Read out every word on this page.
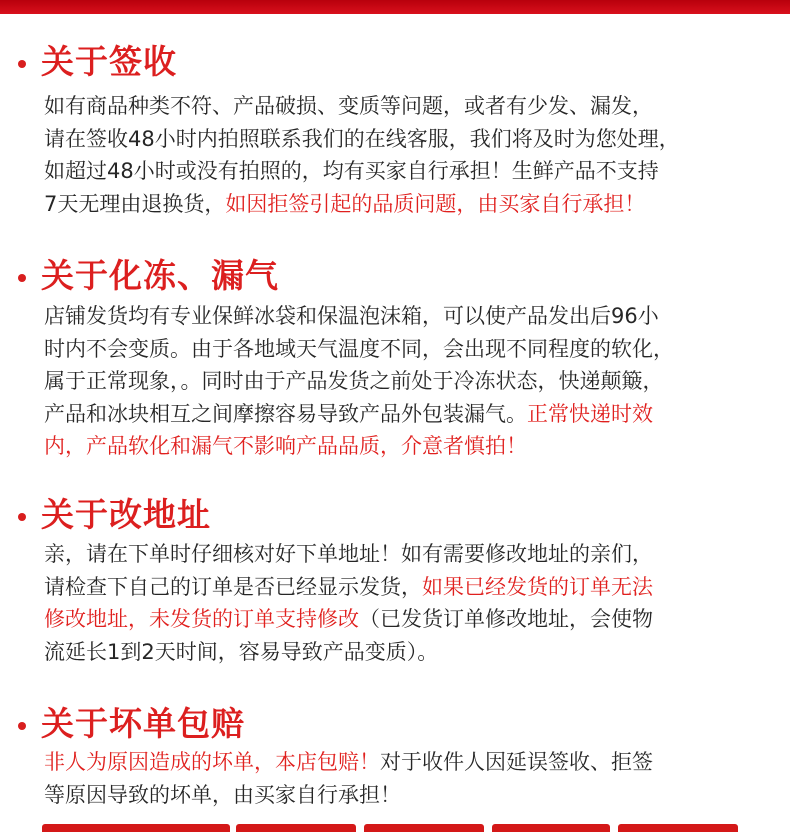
关于签收

如有商品种类不符、产品破损、变质等问题，或者有少发、漏发，
请在签收48小时内拍照联系我们的在线客服，我们将及时为您处理，
如超过48小时或没有拍照的，均有买家自行承担！生鲜产品不支持
7天无理由退换货，如因拒签引起的品质问题，由买家自行承担！

关于化冻、漏气

店铺发货均有专业保鲜冰袋和保温泡沫箱，可以使产品发出后96小
时内不会变质。由于各地域天气温度不同，会出现不同程度的软化，
属于正常现象，。同时由于产品发货之前处于冷冻状态，快递颠簸，
产品和冰块相互之间摩擦容易导致产品外包装漏气。正常快递时效
内，产品软化和漏气不影响产品品质，介意者慎拍！

关于改地址

亲，请在下单时仔细核对好下单地址！如有需要修改地址的亲们，
请检查下自己的订单是否已经显示发货，如果已经发货的订单无法
修改地址，未发货的订单支持修改（已发货订单修改地址，会使物
流延长1到2天时间，容易导致产品变质）。

关于坏单包赔

非人为原因造成的坏单，本店包赔！对于收件人因延误签收、拒签
等原因导致的坏单，由买家自行承担！
